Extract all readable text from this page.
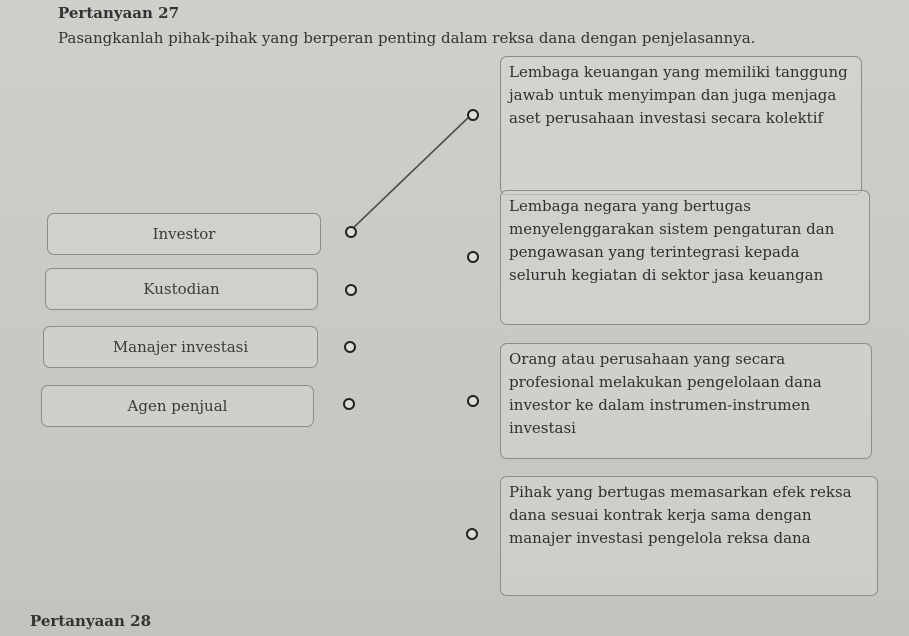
Pertanyaan 27
Pasangkanlah pihak-pihak yang berperan penting dalam reksa dana dengan penjelasannya.
Investor
Kustodian
Manajer investasi
Agen penjual
Lembaga keuangan yang memiliki tanggung jawab untuk menyimpan dan juga menjaga aset perusahaan investasi secara kolektif
Lembaga negara yang bertugas menyelenggarakan sistem pengaturan dan pengawasan yang terintegrasi kepada seluruh kegiatan di sektor jasa keuangan
Orang atau perusahaan yang secara profesional melakukan pengelolaan dana investor ke dalam instrumen-instrumen investasi
Pihak yang bertugas memasarkan efek reksa dana sesuai kontrak kerja sama dengan manajer investasi pengelola reksa dana
Pertanyaan 28
